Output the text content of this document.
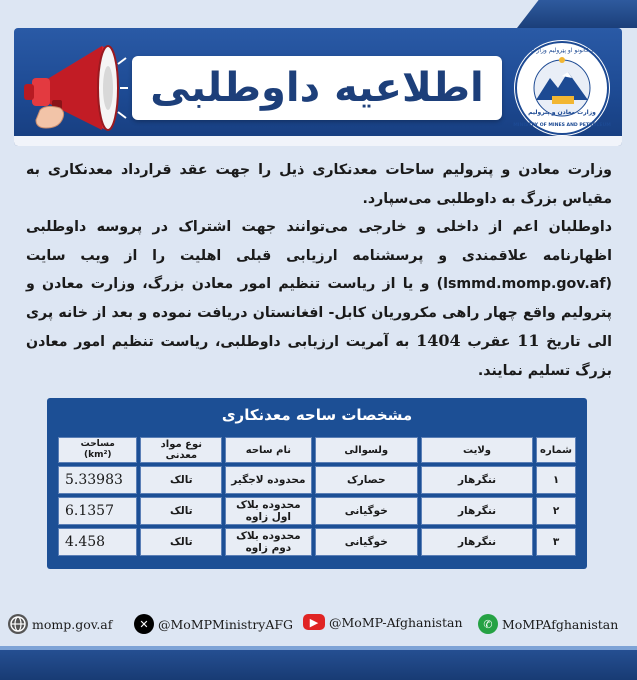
اطلاعیه داوطلبی
د کانونو او پټرولیم وزارت
وزارت معادن و پترولیم
MINISTRY OF MINES AND PETROLEUM

وزارت معادن و پترولیم ساحات معدنکاری ذیل را جهت عقد قرارداد معدنکاری به مقیاس بزرگ به داوطلبی می‌سپارد.

داوطلبان اعم از داخلی و خارجی می‌توانند جهت اشتراک در پروسه داوطلبی اظهارنامه علاقمندی و پرسشنامه ارزیابی قبلی اهلیت را از ویب سایت (lsmmd.momp.gov.af) و یا از ریاست تنظیم امور معادن بزرگ، وزارت معادن و پترولیم واقع چهار راهی مکروریان کابل- افغانستان دریافت نموده و بعد از خانه پری الی تاریخ 11 عقرب 1404 به آمریت ارزیابی داوطلبی، ریاست تنظیم امور معادن بزرگ تسلیم نمایند.

مشخصات ساحه معدنکاری
شماره	ولایت	ولسوالی	نام ساحه	نوع مواد معدنی	مساحت
(km²)
۱	ننگرهار	حصارک	محدوده لاجگیر	تالک	5.33983
۲	ننگرهار	خوگیانی	محدوده بلاک اول زاوه	تالک	6.1357
۳	ننگرهار	خوگیانی	محدوده بلاک دوم زاوه	تالک	4.458
momp.gov.af	✕ @MoMPMinistryAFG	▶ @MoMP-Afghanistan	✆ MoMPAfghanistan
